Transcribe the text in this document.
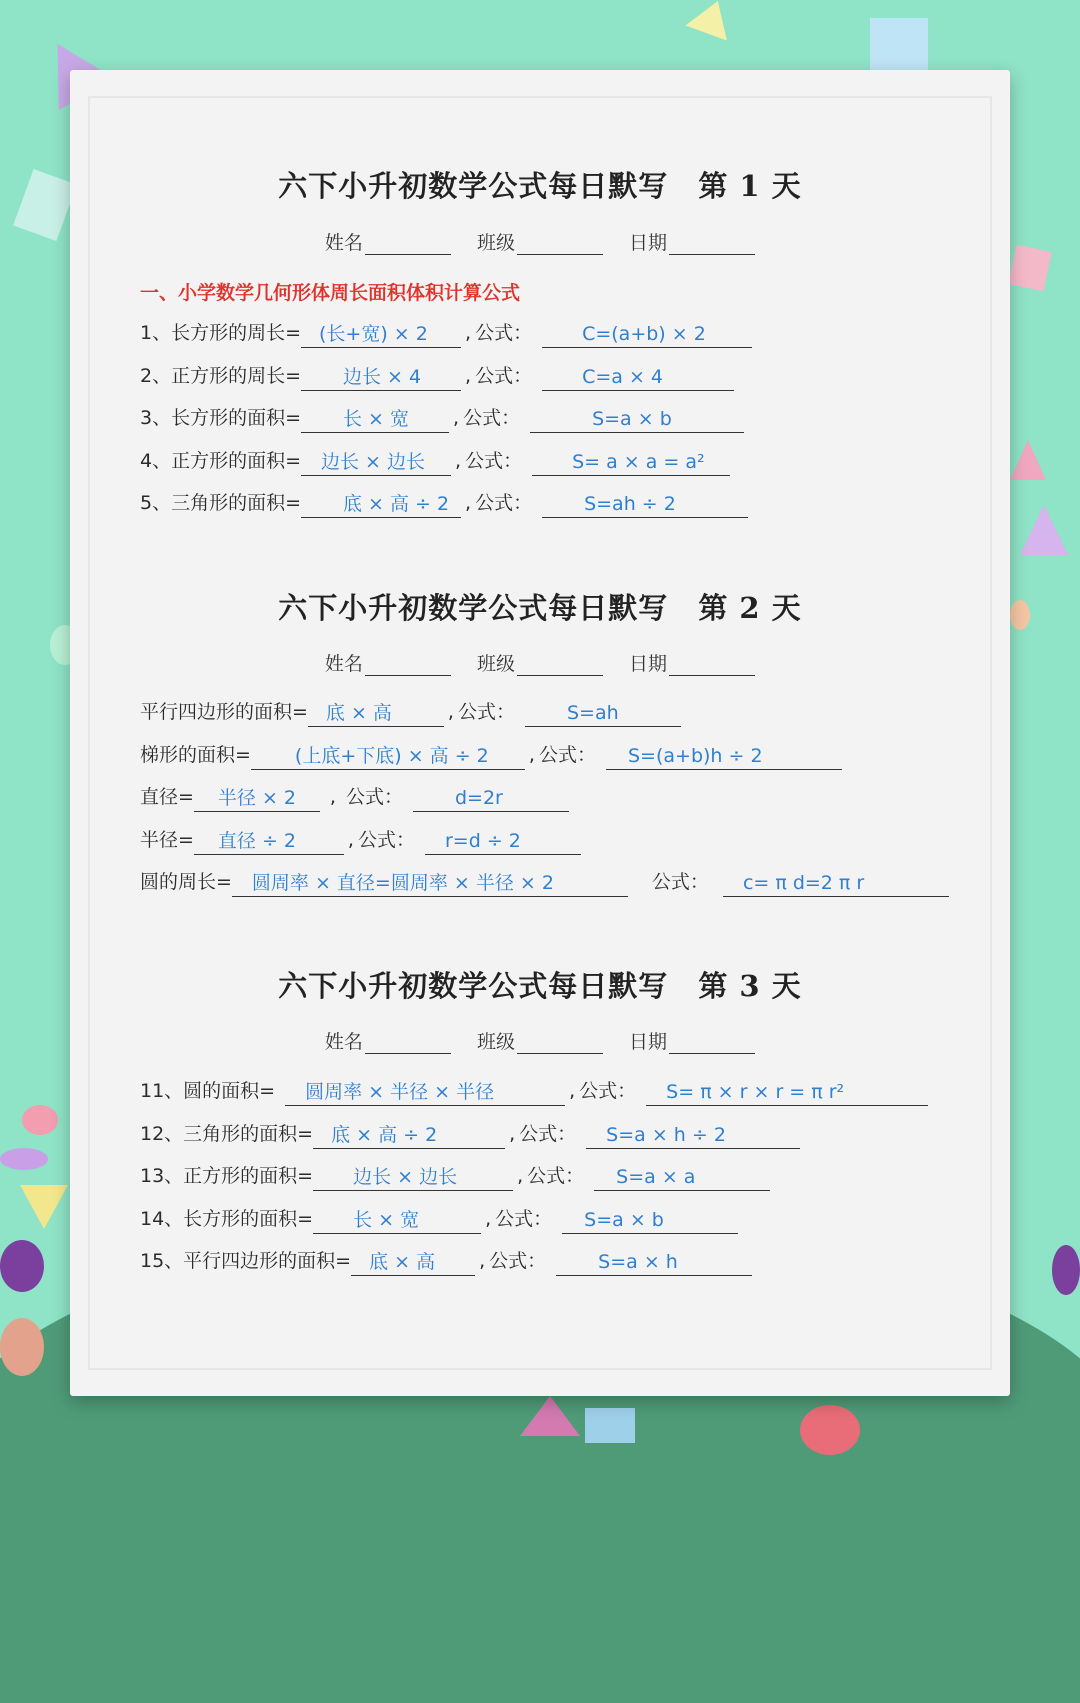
六下小升初数学公式每日默写 第 1 天
姓名	班级	日期
一、小学数学几何形体周长面积体积计算公式
1、长方形的周长= (长+宽) × 2 , 公式：	C=(a+b) × 2
2、正方形的周长= 边长 × 4 , 公式：	C=a × 4
3、长方形的面积= 长 × 宽 , 公式：	S=a × b
4、正方形的面积= 边长 × 边长 , 公式：	S= a × a = a²
5、三角形的面积= 底 × 高 ÷ 2 , 公式：	S=ah ÷ 2
六下小升初数学公式每日默写 第 2 天
姓名	班级	日期
平行四边形的面积= 底 × 高	, 公式：	S=ah
梯形的面积= (上底+下底) × 高 ÷ 2 , 公式： S=(a+b)h ÷ 2
直径= 半径 × 2 , 公式：	d=2r
半径= 直径 ÷ 2	, 公式： r=d ÷ 2
圆的周长= 圆周率 × 直径=圆周率 × 半径 × 2	公式： c= π d=2 π r
六下小升初数学公式每日默写 第 3 天
姓名	班级	日期
11、圆的面积= 圆周率 × 半径 × 半径	, 公式： S= π × r × r = π r²
12、三角形的面积= 底 × 高 ÷ 2	, 公式： S=a × h ÷ 2
13、正方形的面积= 边长 × 边长	, 公式： S=a × a
14、长方形的面积= 长 × 宽	, 公式： S=a × b
15、平行四边形的面积= 底 × 高 , 公式：	S=a × h
